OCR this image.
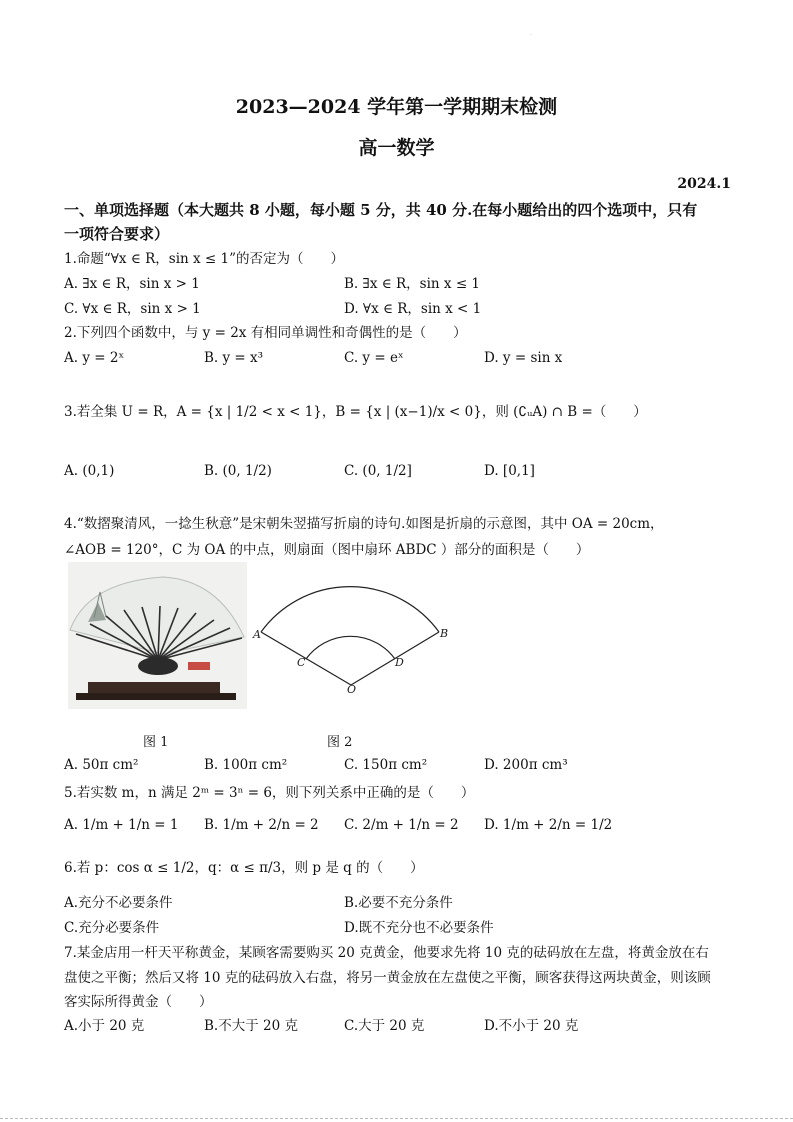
.
2023—2024 学年第一学期期末检测
高一数学
2024.1
一、单项选择题（本大题共 8 小题，每小题 5 分，共 40 分.在每小题给出的四个选项中，只有
一项符合要求）
1.命题“∀x ∈ R，sin x ≤ 1”的否定为（　　）
A. ∃x ∈ R，sin x > 1	B. ∃x ∈ R，sin x ≤ 1
C. ∀x ∈ R，sin x > 1	D. ∀x ∈ R，sin x < 1
2.下列四个函数中，与 y = 2x 有相同单调性和奇偶性的是（　　）
A. y = 2ˣ	B. y = x³	C. y = eˣ	D. y = sin x
3.若全集 U = R，A = {x | 1/2 < x < 1}，B = {x | (x−1)/x < 0}，则 (∁ᵤA) ∩ B =（　　）
A. (0,1)	B. (0, 1/2)	C. (0, 1/2]	D. [0,1]
4.“数摺聚清风，一捻生秋意”是宋朝朱翌描写折扇的诗句.如图是折扇的示意图，其中 OA = 20cm，
∠AOB = 120°，C 为 OA 的中点，则扇面（图中扇环 ABDC ）部分的面积是（　　）
A	B
C	D
O
图 1	图 2
A. 50π cm²	B. 100π cm²	C. 150π cm²	D. 200π cm³
5.若实数 m，n 满足 2ᵐ = 3ⁿ = 6，则下列关系中正确的是（　　）
A. 1/m + 1/n = 1 B. 1/m + 2/n = 2 C. 2/m + 1/n = 2 D. 1/m + 2/n = 1/2
6.若 p：cos α ≤ 1/2，q：α ≤ π/3，则 p 是 q 的（　　）
A.充分不必要条件	B.必要不充分条件
C.充分必要条件	D.既不充分也不必要条件
7.某金店用一杆天平称黄金，某顾客需要购买 20 克黄金，他要求先将 10 克的砝码放在左盘，将黄金放在右
盘使之平衡；然后又将 10 克的砝码放入右盘，将另一黄金放在左盘使之平衡，顾客获得这两块黄金，则该顾
客实际所得黄金（　　）
A.小于 20 克	B.不大于 20 克	C.大于 20 克	D.不小于 20 克
